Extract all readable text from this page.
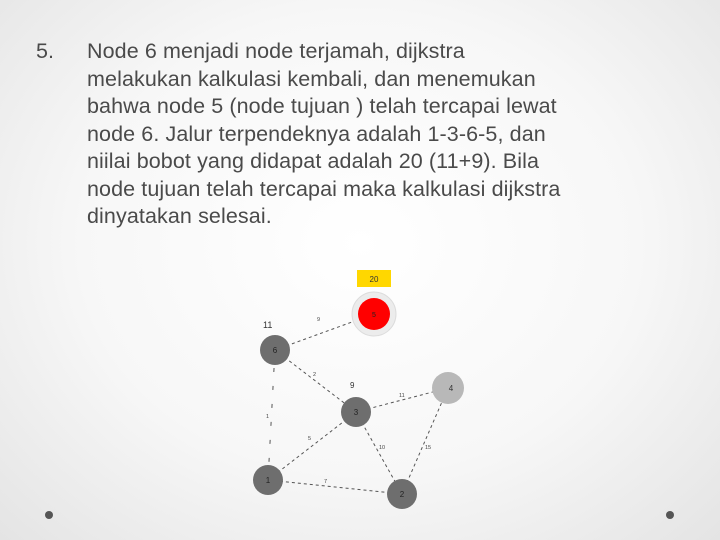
5.	Node 6 menjadi node terjamah, dijkstra
melakukan kalkulasi kembali, dan menemukan
bahwa node 5 (node tujuan ) telah tercapai lewat
node 6. Jalur terpendeknya adalah 1-3-6-5, dan
niilai bobot yang didapat adalah 20 (11+9). Bila
node tujuan telah tercapai maka kalkulasi dijkstra
dinyatakan selesai.
9
2
1
5
11
10
7
15
20
5
11
6
9
3
4
1
2
